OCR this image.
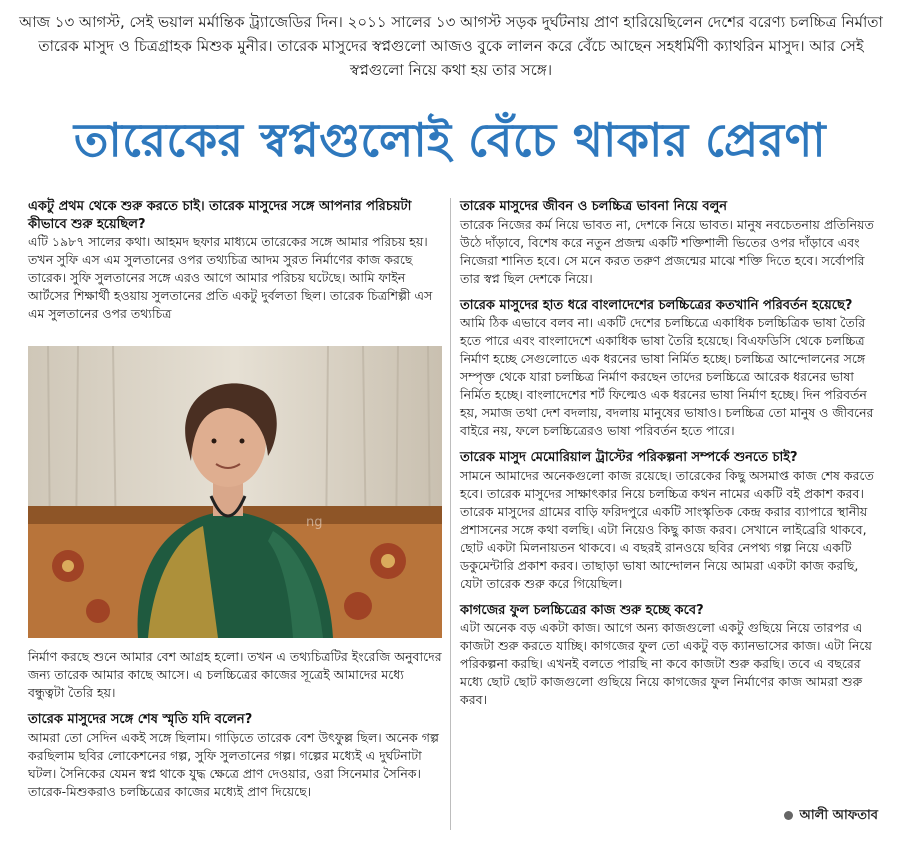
আজ ১৩ আগস্ট, সেই ভয়াল মর্মান্তিক ট্র্যাজেডির দিন। ২০১১ সালের ১৩ আগস্ট সড়ক দুর্ঘটনায় প্রাণ হারিয়েছিলেন দেশের বরেণ্য চলচ্চিত্র নির্মাতা তারেক মাসুদ ও চিত্রগ্রাহক মিশুক মুনীর। তারেক মাসুদের স্বপ্নগুলো আজও বুকে লালন করে বেঁচে আছেন সহধর্মিণী ক্যাথরিন মাসুদ। আর সেই স্বপ্নগুলো নিয়ে কথা হয় তার সঙ্গে।
তারেকের স্বপ্নগুলোই বেঁচে থাকার প্রেরণা

একটু প্রথম থেকে শুরু করতে চাই। তারেক মাসুদের সঙ্গে আপনার পরিচয়টা কীভাবে শুরু হয়েছিল?

এটি ১৯৮৭ সালের কথা। আহমদ ছফার মাধ্যমে তারেকের সঙ্গে আমার পরিচয় হয়। তখন সুফি এস এম সুলতানের ওপর তথ্যচিত্র আদম সুরত নির্মাণের কাজ করছে তারেক। সুফি সুলতানের সঙ্গে এরও আগে আমার পরিচয় ঘটেছে। আমি ফাইন আর্টসের শিক্ষার্থী হওয়ায় সুলতানের প্রতি একটু দুর্বলতা ছিল। তারেক চিত্রশিল্পী এস এম সুলতানের ওপর তথ্যচিত্র

ng

নির্মাণ করছে শুনে আমার বেশ আগ্রহ হলো। তখন এ তথ্যচিত্রটির ইংরেজি অনুবাদের জন্য তারেক আমার কাছে আসে। এ চলচ্চিত্রের কাজের সূত্রেই আমাদের মধ্যে বন্ধুত্বটা তৈরি হয়।

তারেক মাসুদের সঙ্গে শেষ স্মৃতি যদি বলেন?

আমরা তো সেদিন একই সঙ্গে ছিলাম। গাড়িতে তারেক বেশ উৎফুল্ল ছিল। অনেক গল্প করছিলাম ছবির লোকেশনের গল্প, সুফি সুলতানের গল্প। গল্পের মধ্যেই এ দুর্ঘটনাটা ঘটল। সৈনিকের যেমন স্বপ্ন থাকে যুদ্ধ ক্ষেত্রে প্রাণ দেওয়ার, ওরা সিনেমার সৈনিক। তারেক-মিশুকরাও চলচ্চিত্রের কাজের মধ্যেই প্রাণ দিয়েছে।

তারেক মাসুদের জীবন ও চলচ্চিত্র ভাবনা নিয়ে বলুন

তারেক নিজের কর্ম নিয়ে ভাবত না, দেশকে নিয়ে ভাবত। মানুষ নবচেতনায় প্রতিনিয়ত উঠে দাঁড়াবে, বিশেষ করে নতুন প্রজন্ম একটি শক্তিশালী ভিতের ওপর দাঁড়াবে এবং নিজেরা শানিত হবে। সে মনে করত তরুণ প্রজন্মের মাঝে শক্তি দিতে হবে। সর্বোপরি তার স্বপ্ন ছিল দেশকে নিয়ে।

তারেক মাসুদের হাত ধরে বাংলাদেশের চলচ্চিত্রের কতখানি পরিবর্তন হয়েছে?

আমি ঠিক এভাবে বলব না। একটি দেশের চলচ্চিত্রে একাধিক চলচ্চিত্রিক ভাষা তৈরি হতে পারে এবং বাংলাদেশে একাধিক ভাষা তৈরি হয়েছে। বিএফডিসি থেকে চলচ্চিত্র নির্মাণ হচ্ছে সেগুলোতে এক ধরনের ভাষা নির্মিত হচ্ছে। চলচ্চিত্র আন্দোলনের সঙ্গে সম্পৃক্ত থেকে যারা চলচ্চিত্র নির্মাণ করছেন তাদের চলচ্চিত্রে আরেক ধরনের ভাষা নির্মিত হচ্ছে। বাংলাদেশের শর্ট ফিল্মেও এক ধরনের ভাষা নির্মাণ হচ্ছে। দিন পরিবর্তন হয়, সমাজ তথা দেশ বদলায়, বদলায় মানুষের ভাষাও। চলচ্চিত্র তো মানুষ ও জীবনের বাইরে নয়, ফলে চলচ্চিত্রেরও ভাষা পরিবর্তন হতে পারে।

তারেক মাসুদ মেমোরিয়াল ট্রাস্টের পরিকল্পনা সম্পর্কে শুনতে চাই?

সামনে আমাদের অনেকগুলো কাজ রয়েছে। তারেকের কিছু অসমাপ্ত কাজ শেষ করতে হবে। তারেক মাসুদের সাক্ষাৎকার নিয়ে চলচ্চিত্র কথন নামের একটি বই প্রকাশ করব। তারেক মাসুদের গ্রামের বাড়ি ফরিদপুরে একটি সাংস্কৃতিক কেন্দ্র করার ব্যাপারে স্থানীয় প্রশাসনের সঙ্গে কথা বলছি। এটা নিয়েও কিছু কাজ করব। সেখানে লাইব্রেরি থাকবে, ছোট একটা মিলনায়তন থাকবে। এ বছরই রানওয়ে ছবির নেপথ্য গল্প নিয়ে একটি ডকুমেন্টারি প্রকাশ করব। তাছাড়া ভাষা আন্দোলন নিয়ে আমরা একটা কাজ করছি, যেটা তারেক শুরু করে গিয়েছিল।

কাগজের ফুল চলচ্চিত্রের কাজ শুরু হচ্ছে কবে?

এটা অনেক বড় একটা কাজ। আগে অন্য কাজগুলো একটু গুছিয়ে নিয়ে তারপর এ কাজটা শুরু করতে যাচ্ছি। কাগজের ফুল তো একটু বড় ক্যানভাসের কাজ। এটা নিয়ে পরিকল্পনা করছি। এখনই বলতে পারছি না কবে কাজটা শুরু করছি। তবে এ বছরের মধ্যে ছোট ছোট কাজগুলো গুছিয়ে নিয়ে কাগজের ফুল নির্মাণের কাজ আমরা শুরু করব।

আলী আফতাব
